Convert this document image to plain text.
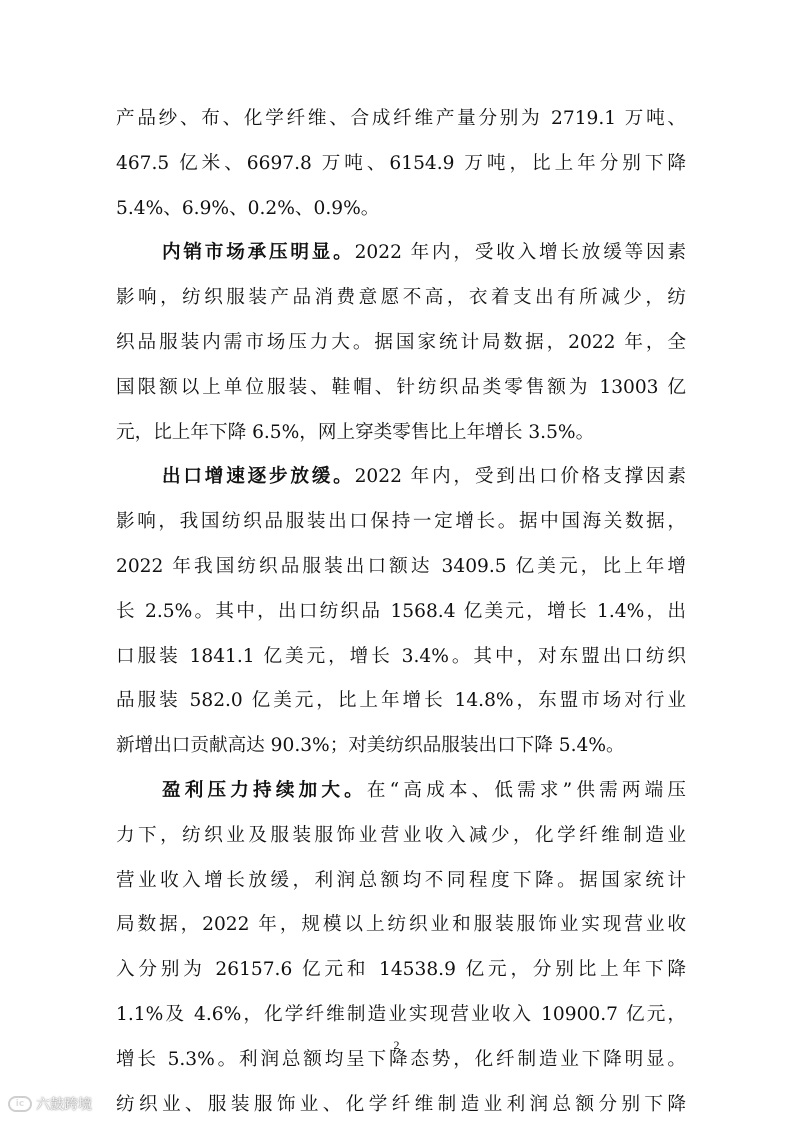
产品纱、布、化学纤维、合成纤维产量分别为 2719.1 万吨、
467.5 亿米、6697.8 万吨、6154.9 万吨，比上年分别下降
5.4%、6.9%、0.2%、0.9%。
内销市场承压明显。2022 年内，受收入增长放缓等因素
影响，纺织服装产品消费意愿不高，衣着支出有所减少，纺
织品服装内需市场压力大。据国家统计局数据，2022 年，全
国限额以上单位服装、鞋帽、针纺织品类零售额为 13003 亿
元，比上年下降 6.5%，网上穿类零售比上年增长 3.5%。
出口增速逐步放缓。2022 年内，受到出口价格支撑因素
影响，我国纺织品服装出口保持一定增长。据中国海关数据，
2022 年我国纺织品服装出口额达 3409.5 亿美元，比上年增
长 2.5%。其中，出口纺织品 1568.4 亿美元，增长 1.4%，出
口服装 1841.1 亿美元，增长 3.4%。其中，对东盟出口纺织
品服装 582.0 亿美元，比上年增长 14.8%，东盟市场对行业
新增出口贡献高达 90.3%；对美纺织品服装出口下降 5.4%。
盈利压力持续加大。在“高成本、低需求”供需两端压
力下，纺织业及服装服饰业营业收入减少，化学纤维制造业
营业收入增长放缓，利润总额均不同程度下降。据国家统计
局数据，2022 年，规模以上纺织业和服装服饰业实现营业收
入分别为 26157.6 亿元和 14538.9 亿元，分别比上年下降
1.1%及 4.6%，化学纤维制造业实现营业收入 10900.7 亿元，
增长 5.3%。利润总额均呈下降态势，化纤制造业下降明显。
纺织业、服装服饰业、化学纤维制造业利润总额分别下降
2
ic 六鼓跨境
